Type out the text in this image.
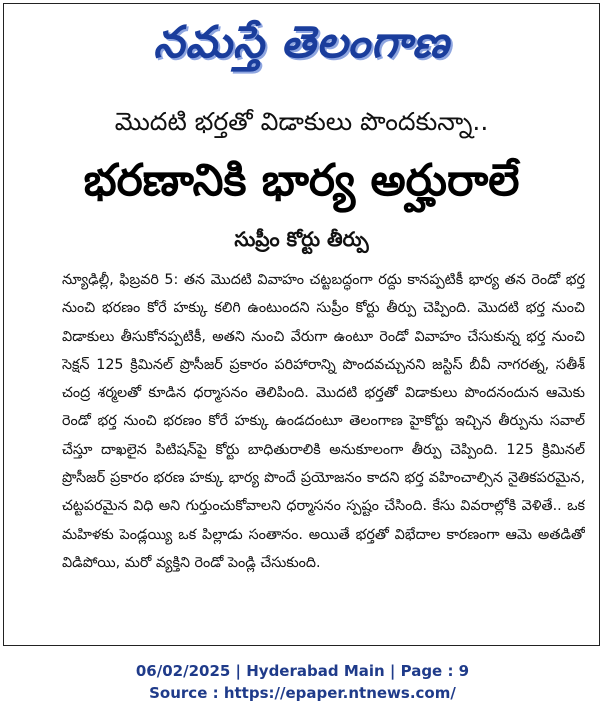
నమస్తే తెలంగాణ
మొదటి భర్తతో విడాకులు పొందకున్నా..
భరణానికి భార్య అర్హురాలే
సుప్రీం కోర్టు తీర్పు
న్యూఢిల్లీ, ఫిబ్రవరి 5: తన మొదటి వివాహం చట్టబద్ధంగా రద్దు కానప్పటికీ భార్య తన రెండో భర్త నుంచి భరణం కోరే హక్కు కలిగి ఉంటుందని సుప్రీం కోర్టు తీర్పు చెప్పింది. మొదటి భర్త నుంచి విడాకులు తీసుకోనప్పటికీ, అతని నుంచి వేరుగా ఉంటూ రెండో వివాహం చేసుకున్న భర్త నుంచి సెక్షన్ 125 క్రిమినల్ ప్రొసీజర్ ప్రకారం పరిహారాన్ని పొందవచ్చునని జస్టిస్ బీవీ నాగరత్న, సతీశ్ చంద్ర శర్మలతో కూడిన ధర్మాసనం తెలిపింది. మొదటి భర్తతో విడాకులు పొందనందున ఆమెకు రెండో భర్త నుంచి భరణం కోరే హక్కు ఉండదంటూ తెలంగాణ హైకోర్టు ఇచ్చిన తీర్పును సవాల్ చేస్తూ దాఖలైన పిటిషన్‌పై కోర్టు బాధితురాలికి అనుకూలంగా తీర్పు చెప్పింది. 125 క్రిమినల్ ప్రొసీజర్ ప్రకారం భరణ హక్కు భార్య పొందే ప్రయోజనం కాదని భర్త వహించాల్సిన నైతికపరమైన, చట్టపరమైన విధి అని గుర్తుంచుకోవాలని ధర్మాసనం స్పష్టం చేసింది. కేసు వివరాల్లోకి వెళితే.. ఒక మహిళకు పెండ్లయ్యి ఒక పిల్లాడు సంతానం. అయితే భర్తతో విభేదాల కారణంగా ఆమె అతడితో విడిపోయి, మరో వ్యక్తిని రెండో పెండ్లి చేసుకుంది.
06/02/2025 | Hyderabad Main | Page : 9
Source : https://epaper.ntnews.com/
